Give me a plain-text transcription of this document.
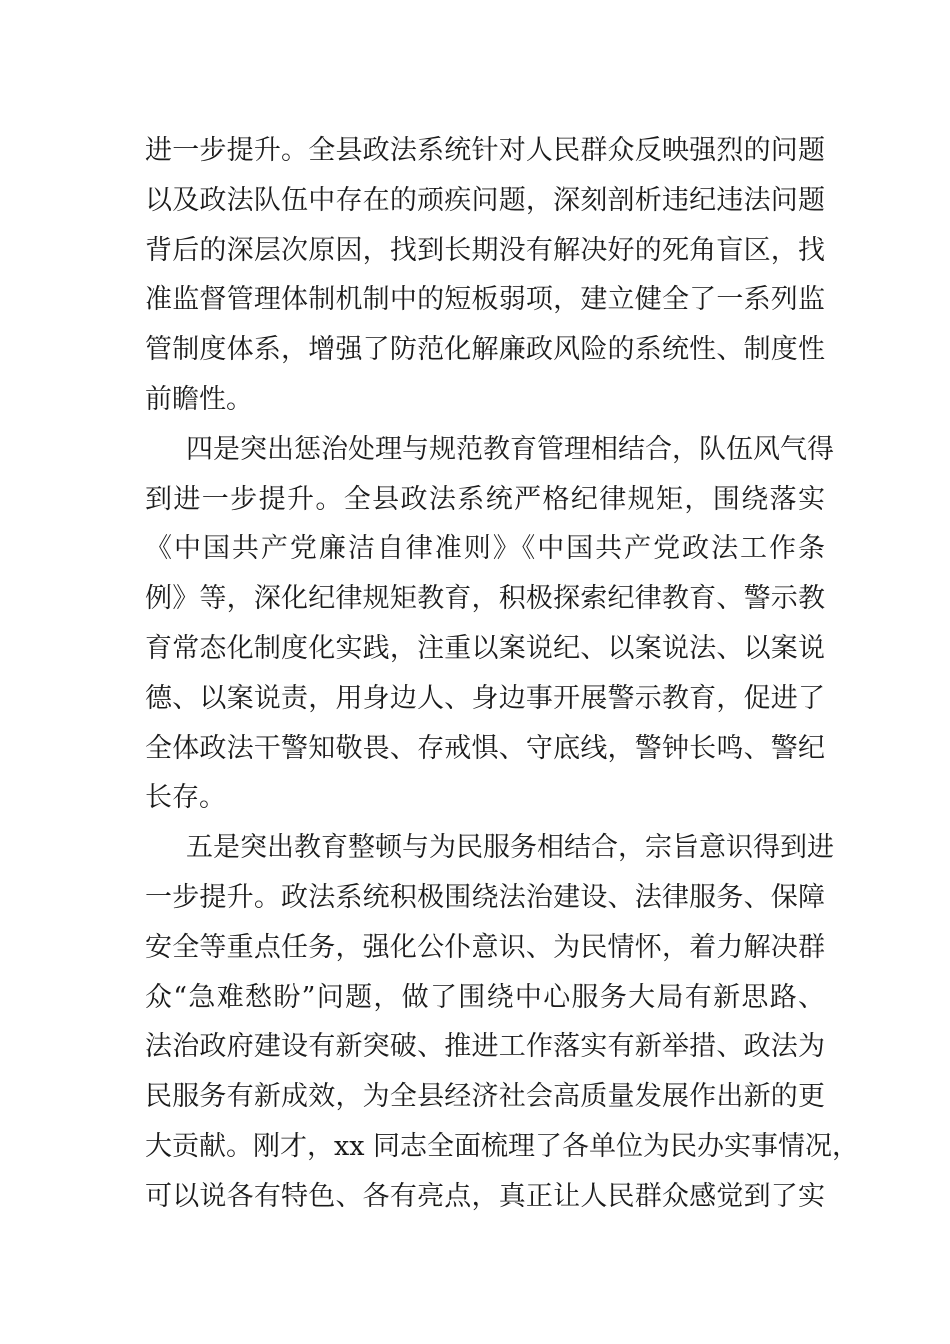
进一步提升。全县政法系统针对人民群众反映强烈的问题
以及政法队伍中存在的顽疾问题，深刻剖析违纪违法问题
背后的深层次原因，找到长期没有解决好的死角盲区，找
准监督管理体制机制中的短板弱项，建立健全了一系列监
管制度体系，增强了防范化解廉政风险的系统性、制度性
前瞻性。
四是突出惩治处理与规范教育管理相结合，队伍风气得
到进一步提升。全县政法系统严格纪律规矩，围绕落实
《中国共产党廉洁自律准则》《中国共产党政法工作条
例》等，深化纪律规矩教育，积极探索纪律教育、警示教
育常态化制度化实践，注重以案说纪、以案说法、以案说
德、以案说责，用身边人、身边事开展警示教育，促进了
全体政法干警知敬畏、存戒惧、守底线，警钟长鸣、警纪
长存。
五是突出教育整顿与为民服务相结合，宗旨意识得到进
一步提升。政法系统积极围绕法治建设、法律服务、保障
安全等重点任务，强化公仆意识、为民情怀，着力解决群
众“急难愁盼”问题，做了围绕中心服务大局有新思路、
法治政府建设有新突破、推进工作落实有新举措、政法为
民服务有新成效，为全县经济社会高质量发展作出新的更
大贡献。刚才，xx 同志全面梳理了各单位为民办实事情况，
可以说各有特色、各有亮点，真正让人民群众感觉到了实
